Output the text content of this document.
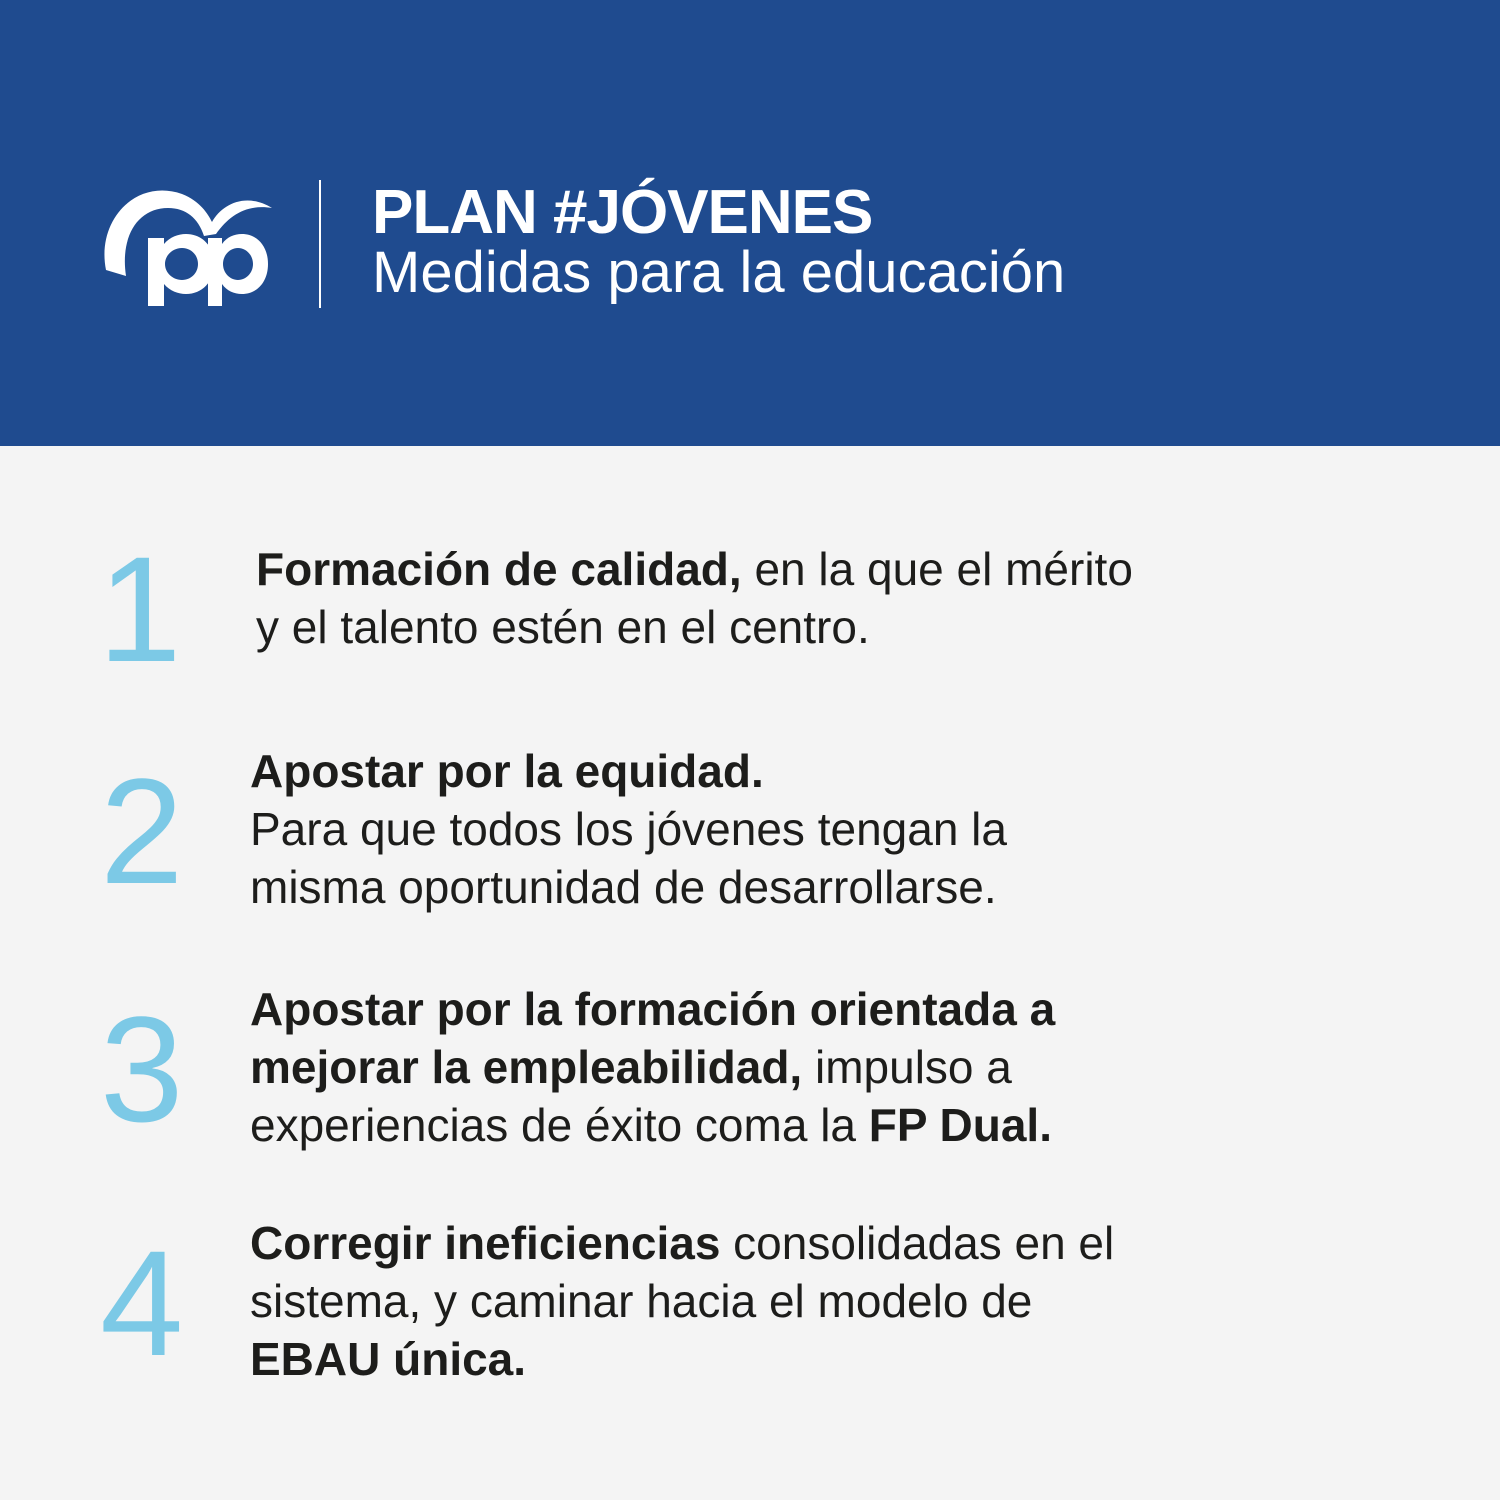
PLAN #JÓVENES
Medidas para la educación
1 Formación de calidad, en la que el mérito
y el talento estén en el centro.
2 Apostar por la equidad.
Para que todos los jóvenes tengan la
misma oportunidad de desarrollarse.
3 Apostar por la formación orientada a
mejorar la empleabilidad, impulso a
experiencias de éxito coma la FP Dual.
4 Corregir ineficiencias consolidadas en el
sistema, y caminar hacia el modelo de
EBAU única.
